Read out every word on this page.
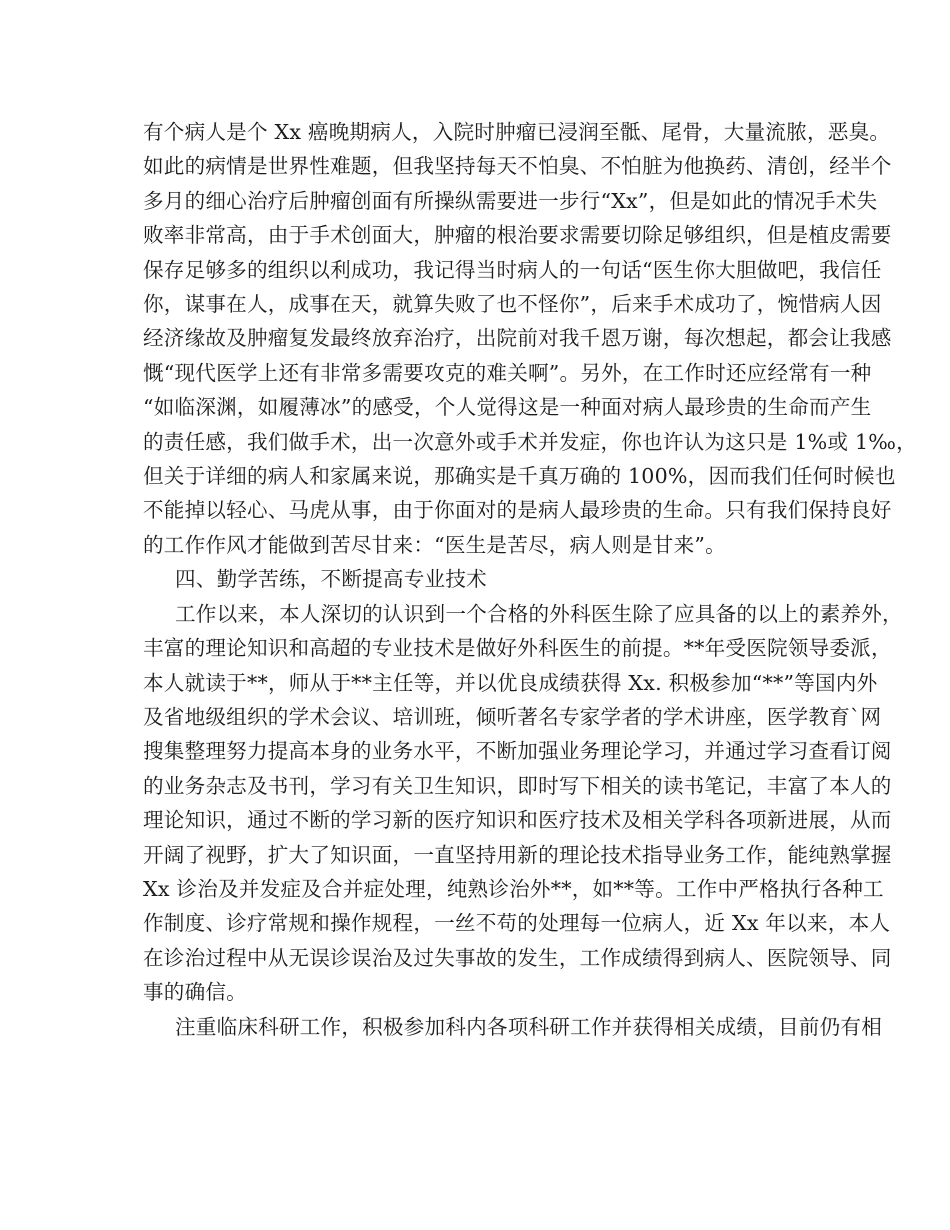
有个病人是个 Xx 癌晚期病人，入院时肿瘤已浸润至骶、尾骨，大量流脓，恶臭。
如此的病情是世界性难题，但我坚持每天不怕臭、不怕脏为他换药、清创，经半个
多月的细心治疗后肿瘤创面有所操纵需要进一步行“Xx”，但是如此的情况手术失
败率非常高，由于手术创面大，肿瘤的根治要求需要切除足够组织，但是植皮需要
保存足够多的组织以利成功，我记得当时病人的一句话“医生你大胆做吧，我信任
你，谋事在人，成事在天，就算失败了也不怪你”，后来手术成功了，惋惜病人因
经济缘故及肿瘤复发最终放弃治疗，出院前对我千恩万谢，每次想起，都会让我感
慨“现代医学上还有非常多需要攻克的难关啊”。另外，在工作时还应经常有一种
“如临深渊，如履薄冰”的感受，个人觉得这是一种面对病人最珍贵的生命而产生
的责任感，我们做手术，出一次意外或手术并发症，你也许认为这只是 1%或 1‰，
但关于详细的病人和家属来说，那确实是千真万确的 100%，因而我们任何时候也
不能掉以轻心、马虎从事，由于你面对的是病人最珍贵的生命。只有我们保持良好
的工作作风才能做到苦尽甘来：“医生是苦尽，病人则是甘来”。
四、勤学苦练，不断提高专业技术
工作以来，本人深切的认识到一个合格的外科医生除了应具备的以上的素养外，
丰富的理论知识和高超的专业技术是做好外科医生的前提。**年受医院领导委派，
本人就读于**，师从于**主任等，并以优良成绩获得 Xx. 积极参加“**”等国内外
及省地级组织的学术会议、培训班，倾听著名专家学者的学术讲座，医学教育`网
搜集整理努力提高本身的业务水平，不断加强业务理论学习，并通过学习查看订阅
的业务杂志及书刊，学习有关卫生知识，即时写下相关的读书笔记，丰富了本人的
理论知识，通过不断的学习新的医疗知识和医疗技术及相关学科各项新进展，从而
开阔了视野，扩大了知识面，一直坚持用新的理论技术指导业务工作，能纯熟掌握
Xx 诊治及并发症及合并症处理，纯熟诊治外**，如**等。工作中严格执行各种工
作制度、诊疗常规和操作规程，一丝不苟的处理每一位病人，近 Xx 年以来，本人
在诊治过程中从无误诊误治及过失事故的发生，工作成绩得到病人、医院领导、同
事的确信。
注重临床科研工作，积极参加科内各项科研工作并获得相关成绩，目前仍有相
